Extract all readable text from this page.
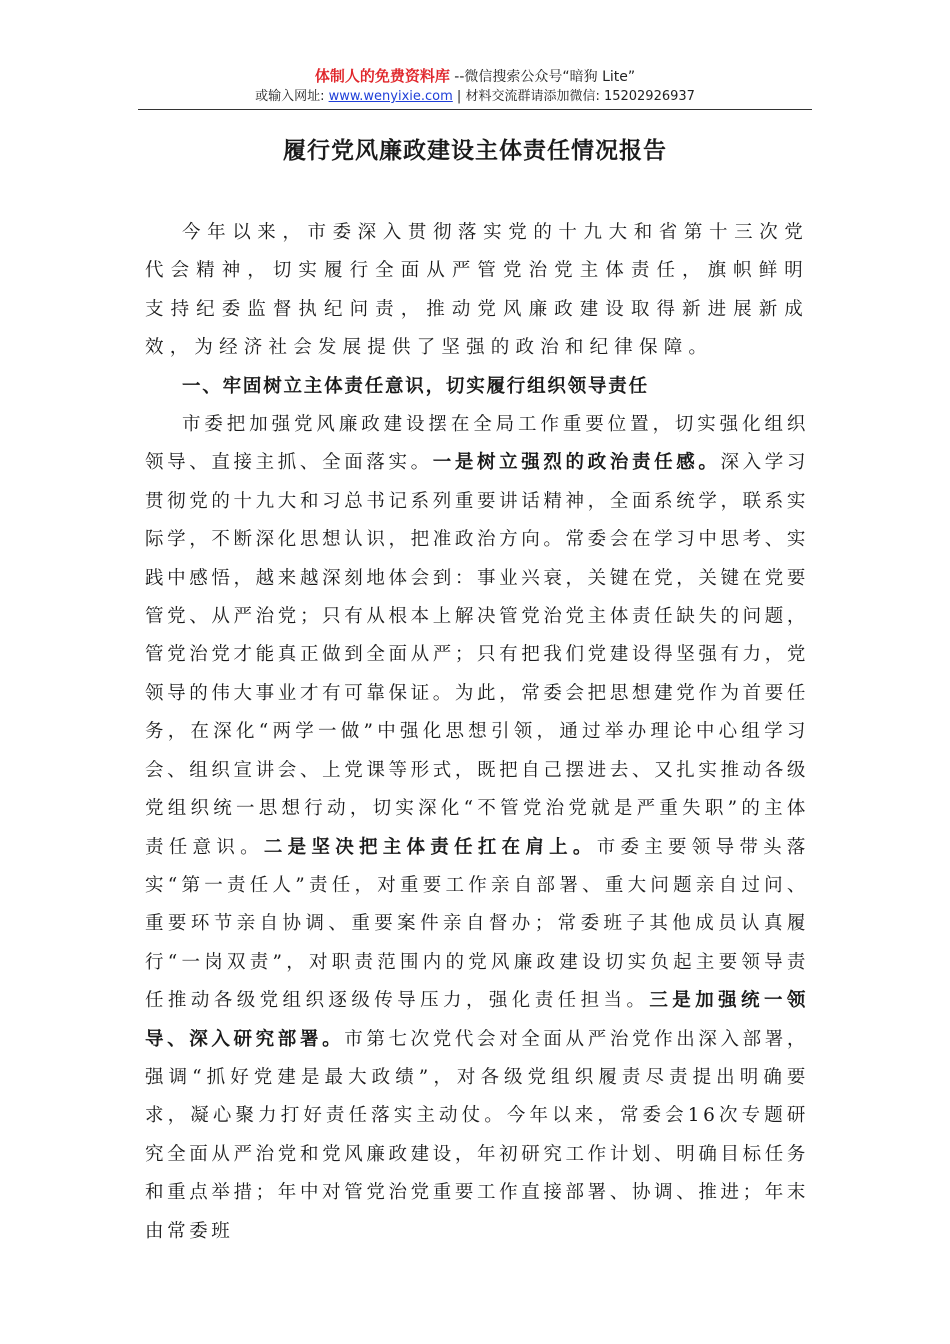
体制人的免费资料库 --微信搜索公众号“暗狗 Lite”
或输入网址: www.wenyixie.com | 材料交流群请添加微信: 15202926937
履行党风廉政建设主体责任情况报告

今年以来，市委深入贯彻落实党的十九大和省第十三次党代会精神，切实履行全面从严管党治党主体责任，旗帜鲜明支持纪委监督执纪问责，推动党风廉政建设取得新进展新成效，为经济社会发展提供了坚强的政治和纪律保障。

一、牢固树立主体责任意识，切实履行组织领导责任

市委把加强党风廉政建设摆在全局工作重要位置，切实强化组织领导、直接主抓、全面落实。一是树立强烈的政治责任感。深入学习贯彻党的十九大和习总书记系列重要讲话精神，全面系统学，联系实际学，不断深化思想认识，把准政治方向。常委会在学习中思考、实践中感悟，越来越深刻地体会到：事业兴衰，关键在党，关键在党要管党、从严治党；只有从根本上解决管党治党主体责任缺失的问题，管党治党才能真正做到全面从严；只有把我们党建设得坚强有力，党领导的伟大事业才有可靠保证。为此，常委会把思想建党作为首要任务，在深化“两学一做”中强化思想引领，通过举办理论中心组学习会、组织宣讲会、上党课等形式，既把自己摆进去、又扎实推动各级党组织统一思想行动，切实深化“不管党治党就是严重失职”的主体责任意识。二是坚决把主体责任扛在肩上。市委主要领导带头落实“第一责任人”责任，对重要工作亲自部署、重大问题亲自过问、重要环节亲自协调、重要案件亲自督办；常委班子其他成员认真履行“一岗双责”，对职责范围内的党风廉政建设切实负起主要领导责任推动各级党组织逐级传导压力，强化责任担当。三是加强统一领导、深入研究部署。市第七次党代会对全面从严治党作出深入部署，强调“抓好党建是最大政绩”，对各级党组织履责尽责提出明确要求，凝心聚力打好责任落实主动仗。今年以来，常委会16次专题研究全面从严治党和党风廉政建设，年初研究工作计划、明确目标任务和重点举措；年中对管党治党重要工作直接部署、协调、推进；年末由常委班
